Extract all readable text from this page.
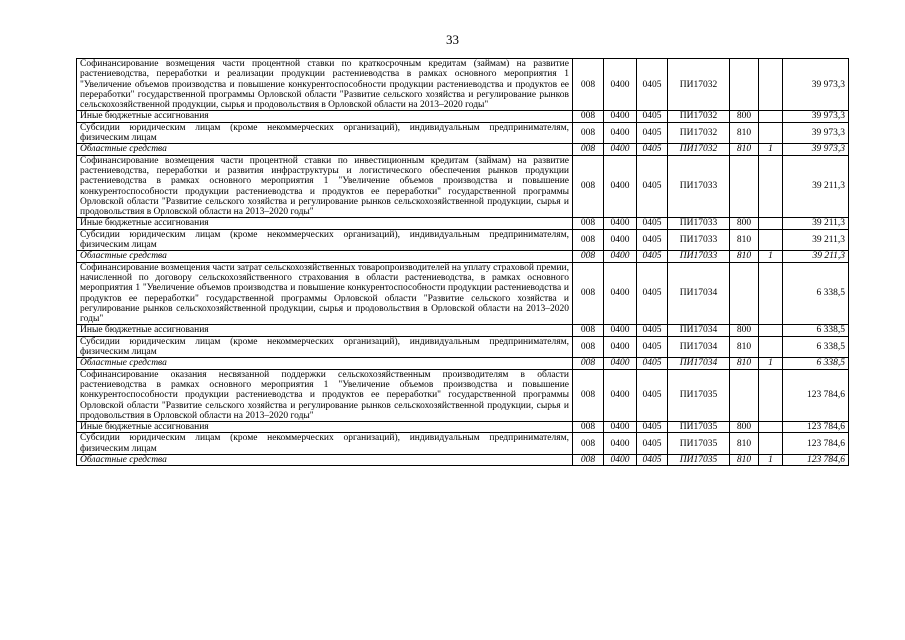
33
Софинансирование возмещения части процентной ставки по краткосрочным кредитам (займам) на развитие растениеводства, переработки и реализации продукции растениеводства в рамках основного мероприятия 1 "Увеличение объемов производства и повышение конкурентоспособности продукции растениеводства и продуктов ее переработки" государственной программы Орловской области "Развитие сельского хозяйства и регулирование рынков сельскохозяйственной продукции, сырья и продовольствия в Орловской области на 2013–2020 годы"	008	0400	0405	ПИ17032			39 973,3
Иные бюджетные ассигнования	008	0400	0405	ПИ17032	800		39 973,3
Субсидии юридическим лицам (кроме некоммерческих организаций), индивидуальным предпринимателям, физическим лицам	008	0400	0405	ПИ17032	810		39 973,3
Областные средства	008	0400	0405	ПИ17032	810	1	39 973,3
Софинансирование возмещения части процентной ставки по инвестиционным кредитам (займам) на развитие растениеводства, переработки и развития инфраструктуры и логистического обеспечения рынков продукции растениеводства в рамках основного мероприятия 1 "Увеличение объемов производства и повышение конкурентоспособности продукции растениеводства и продуктов ее переработки" государственной программы Орловской области "Развитие сельского хозяйства и регулирование рынков сельскохозяйственной продукции, сырья и продовольствия в Орловской области на 2013–2020 годы"	008	0400	0405	ПИ17033			39 211,3
Иные бюджетные ассигнования	008	0400	0405	ПИ17033	800		39 211,3
Субсидии юридическим лицам (кроме некоммерческих организаций), индивидуальным предпринимателям, физическим лицам	008	0400	0405	ПИ17033	810		39 211,3
Областные средства	008	0400	0405	ПИ17033	810	1	39 211,3
Софинансирование возмещения части затрат сельскохозяйственных товаропроизводителей на уплату страховой премии, начисленной по договору сельскохозяйственного страхования в области растениеводства, в рамках основного мероприятия 1 "Увеличение объемов производства и повышение конкурентоспособности продукции растениеводства и продуктов ее переработки" государственной программы Орловской области "Развитие сельского хозяйства и регулирование рынков сельскохозяйственной продукции, сырья и продовольствия в Орловской области на 2013–2020 годы"	008	0400	0405	ПИ17034			6 338,5
Иные бюджетные ассигнования	008	0400	0405	ПИ17034	800		6 338,5
Субсидии юридическим лицам (кроме некоммерческих организаций), индивидуальным предпринимателям, физическим лицам	008	0400	0405	ПИ17034	810		6 338,5
Областные средства	008	0400	0405	ПИ17034	810	1	6 338,5
Софинансирование оказания несвязанной поддержки сельскохозяйственным производителям в области растениеводства в рамках основного мероприятия 1 "Увеличение объемов производства и повышение конкурентоспособности продукции растениеводства и продуктов ее переработки" государственной программы Орловской области "Развитие сельского хозяйства и регулирование рынков сельскохозяйственной продукции, сырья и продовольствия в Орловской области на 2013–2020 годы"	008	0400	0405	ПИ17035			123 784,6
Иные бюджетные ассигнования	008	0400	0405	ПИ17035	800		123 784,6
Субсидии юридическим лицам (кроме некоммерческих организаций), индивидуальным предпринимателям, физическим лицам	008	0400	0405	ПИ17035	810		123 784,6
Областные средства	008	0400	0405	ПИ17035	810	1	123 784,6
